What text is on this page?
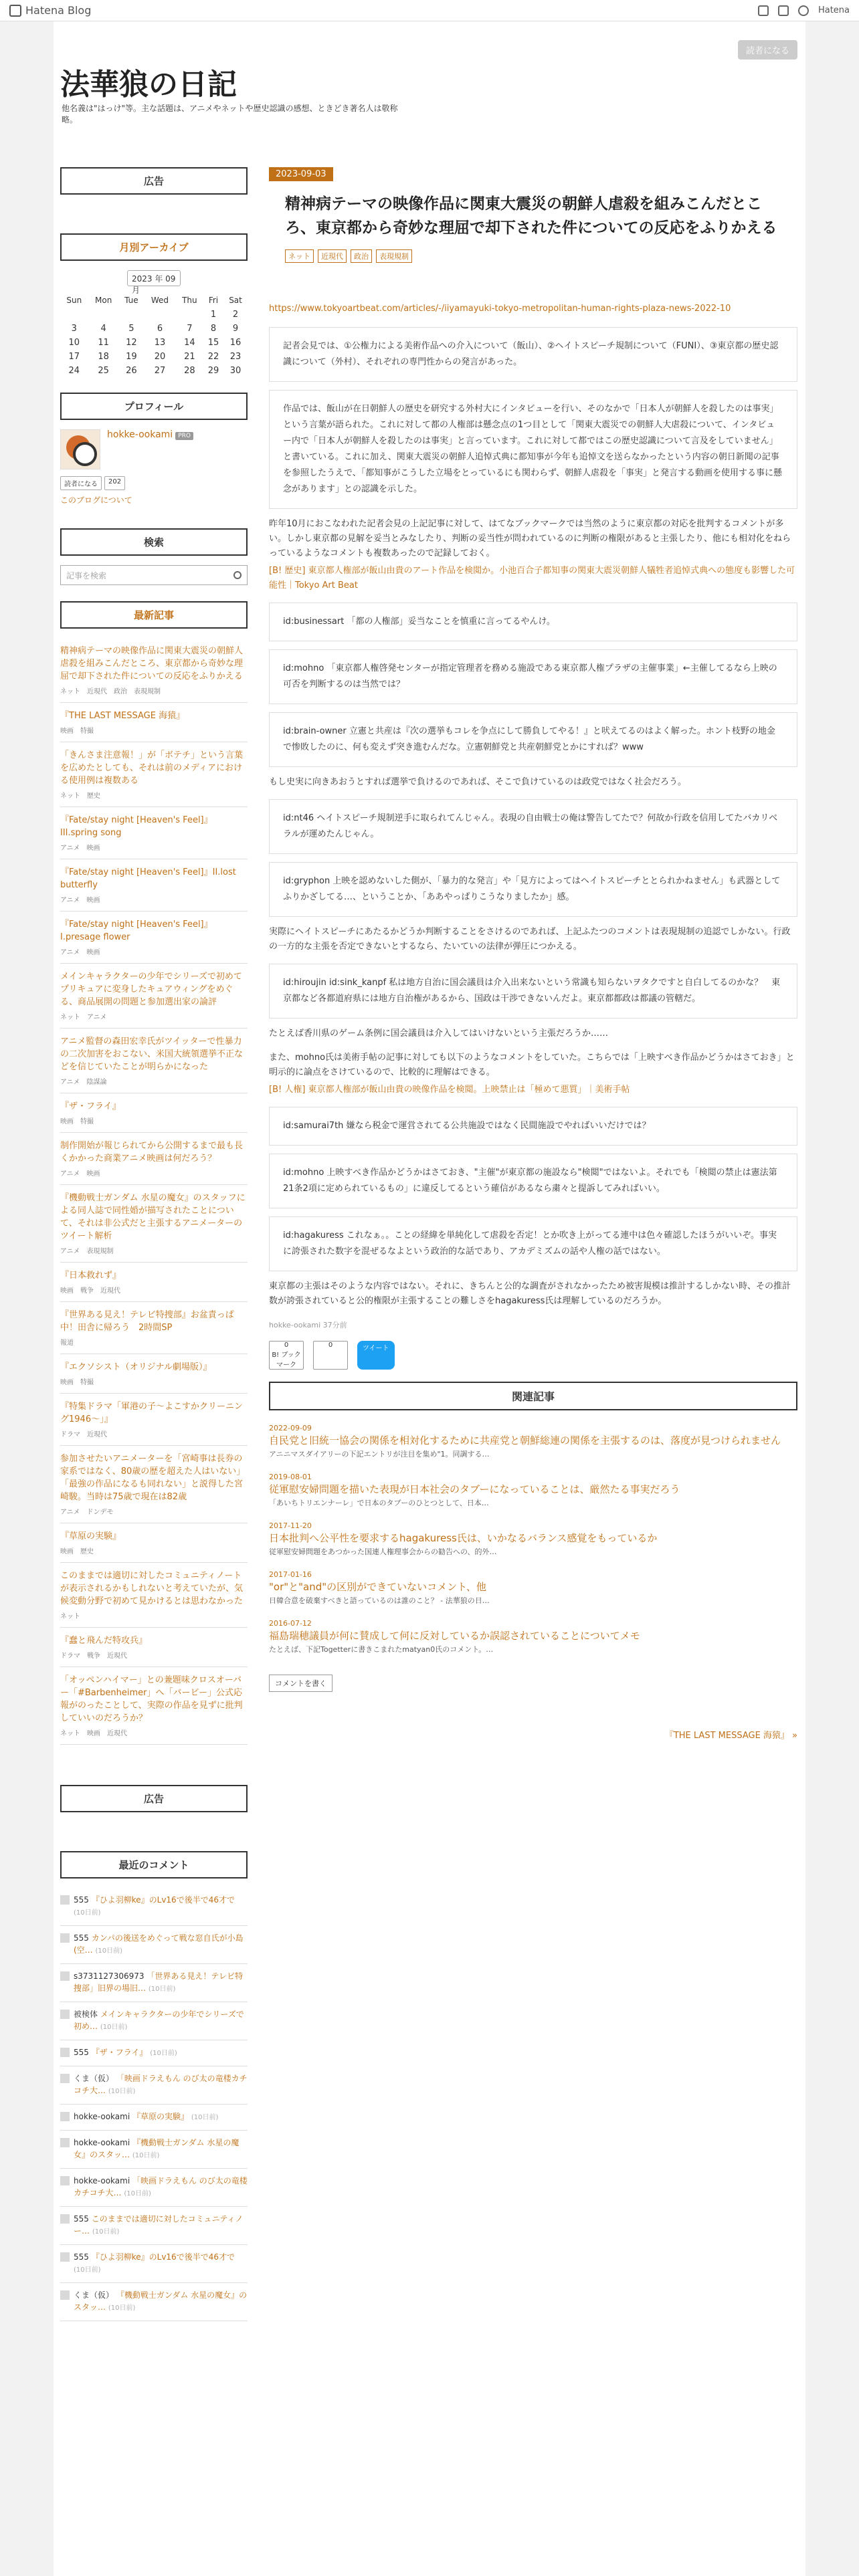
Hatena Blog	Hatena
読者になる
法華狼の日記
他名義は"はっけ"等。主な話題は、アニメやネットや歴史認識の感想、ときどき著名人は敬称略。
広告
月別アーカイブ
2023 年 09 月
Sun	Mon	Tue	Wed	Thu	Fri	Sat
					1	2
3	4	5	6	7	8	9
10	11	12	13	14	15	16
17	18	19	20	21	22	23
24	25	26	27	28	29	30
プロフィール
hokke-ookami PRO
読者になる	202
このブログについて
検索
記事を検索
最新記事
精神病テーマの映像作品に関東大震災の朝鮮人虐殺を組みこんだところ、東京都から奇妙な理屈で却下された件についての反応をふりかえる
ネット　近現代　政治　表現規制
『THE LAST MESSAGE 海猿』
映画　特撮
「きんさま注意報！」が「ボテチ」という言葉を広めたとしても、それは前のメディアにおける使用例は複数ある
ネット　歴史
『Fate/stay night [Heaven's Feel]』III.spring song
アニメ　映画
『Fate/stay night [Heaven's Feel]』II.lost butterfly
アニメ　映画
『Fate/stay night [Heaven's Feel]』I.presage flower
アニメ　映画
メインキャラクターの少年でシリーズで初めてプリキュアに変身したキュアウィングをめぐる、商品展開の問題と参加選出家の論評
ネット　アニメ
アニメ監督の森田宏幸氏がツイッターで性暴力の二次加害をおこない、米国大統領選挙不正などを信じていたことが明らかになった
アニメ　陰謀論
『ザ・フライ』
映画　特撮
制作開始が報じられてから公開するまで最も長くかかった商業アニメ映画は何だろう？
アニメ　映画
『機動戦士ガンダム 水星の魔女』のスタッフによる同人誌で同性婚が描写されたことについて、それは非公式だと主張するアニメーターのツイート解析
アニメ　表現規制
『日本救れず』
映画　戦争　近現代
『世界ある見え！テレビ特捜部』お盆責っぱ中！田舎に帰ろう　2時間SP
報道
『エクソシスト（オリジナル劇場版）』
映画　特撮
『特集ドラマ「軍港の子〜よこすかクリーニング1946〜」』
ドラマ　近現代
参加させたいアニメーターを「宮崎事は長券の家系ではなく、80歳の歴を超えた人はいない」「最強の作品になるも同れない」と説得した宮崎駿。当時は75歳で現在は82歳
アニメ　ドンデモ
『草原の実験』
映画　歴史
このままでは適切に対したコミュニティノートが表示されるかもしれないと考えていたが、気候変動分野で初めて見かけるとは思わなかった
ネット
『蠢と飛んだ特攻兵』
ドラマ　戦争　近現代
「オッペンハイマー」との兼題味クロスオーバー「#Barbenheimer」へ「バービー」公式応報がのったことして、実際の作品を見ずに批判していいのだろうか？
ネット　映画　近現代
広告
最近のコメント
555 『ひよ羽柳ke』のLv16で後半で46才で (10日前)
555 カンパの後送をめぐって戦な窓自氏が小島(空… (10日前)
s3731127306973 「世界ある見え！テレビ特捜部」旧界の場旧… (10日前)
被検体 メインキャラクターの少年でシリーズで初め… (10日前)
555 『ザ・フライ』 (10日前)
くま（仮） 「映画ドラえもん のび太の竜楼カチコチ大… (10日前)
hokke-ookami 『草原の実験』 (10日前)
hokke-ookami 『機動戦士ガンダム 水星の魔女』のスタッ… (10日前)
hokke-ookami 「映画ドラえもん のび太の竜楼カチコチ大… (10日前)
555 このままでは適切に対したコミュニティノー… (10日前)
555 『ひよ羽柳ke』のLv16で後半で46才で (10日前)
くま（仮） 『機動戦士ガンダム 水星の魔女』のスタッ… (10日前)
2023-09-03
精神病テーマの映像作品に関東大震災の朝鮮人虐殺を組みこんだところ、東京都から奇妙な理屈で却下された件についての反応をふりかえる
ネット	近現代	政治	表現規制
https://www.tokyoartbeat.com/articles/-/iiyamayuki-tokyo-metropolitan-human-rights-plaza-news-2022-10
記者会見では、①公権力による美術作品への介入について（飯山）、②ヘイトスピーチ規制について（FUNI）、③東京都の歴史認識について（外村）、それぞれの専門性からの発言があった。
作品では、飯山が在日朝鮮人の歴史を研究する外村大にインタビューを行い、そのなかで「日本人が朝鮮人を殺したのは事実」という言葉が語られた。これに対して都の人権部は懸念点の1つ目として「関東大震災での朝鮮人大虐殺について、インタビュー内で「日本人が朝鮮人を殺したのは事実」と言っています。これに対して都ではこの歴史認識について言及をしていません」と書いている。これに加え、関東大震災の朝鮮人追悼式典に都知事が今年も追悼文を送らなかったという内容の朝日新聞の記事を参照したうえで、「都知事がこうした立場をとっているにも関わらず、朝鮮人虐殺を「事実」と発言する動画を使用する事に懸念があります」との認識を示した。
昨年10月におこなわれた記者会見の上記記事に対して、はてなブックマークでは当然のように東京都の対応を批判するコメントが多い。しかし東京都の見解を妥当とみなしたり、判断の妥当性が問われているのに判断の権限があると主張したり、他にも相対化をねらっているようなコメントも複数あったので記録しておく。
[B! 歴史] 東京都人権部が飯山由貴のアート作品を検閲か。小池百合子都知事の関東大震災朝鮮人犠牲者追悼式典への態度も影響した可能性｜Tokyo Art Beat
id:businessart 「都の人権部」妥当なことを慎重に言ってるやんけ。
id:mohno 「東京都人権啓発センターが指定管理者を務める施設である東京都人権プラザの主催事業」←主催してるなら上映の可否を判断するのは当然では？
id:brain-owner 立憲と共産は『次の選挙もコレを争点にして勝負してやる！』と吠えてるのはよく解った。ホント枝野の地金で惨敗したのに、何も変えず突き進むんだな。立憲朝鮮党と共産朝鮮党とかにすれば？www
もし史実に向きあおうとすれば選挙で負けるのであれば、そこで負けているのは政党ではなく社会だろう。
id:nt46 ヘイトスピーチ規制逆手に取られてんじゃん。表現の自由戦士の俺は警告してたで？何故か行政を信用してたバカリベラルが運めたんじゃん。
id:gryphon 上映を認めないした側が、「暴力的な発言」や「見方によってはヘイトスピーチととられかねません」も武器としてふりかざしてる…、ということか、「ああやっぱりこうなりましたか」感。
実際にヘイトスピーチにあたるかどうか判断することをさけるのであれば、上記ふたつのコメントは表現規制の追認でしかない。行政の一方的な主張を否定できないとするなら、たいていの法律が弾圧につかえる。
id:hiroujin id:sink_kanpf 私は地方自治に国会議員は介入出来ないという常識も知らないヲタクですと自白してるのかな？　東京都など各都道府県には地方自治権があるから、国政は干渉できないんだよ。東京都都政は都議の管轄だ。
たとえば香川県のゲーム条例に国会議員は介入してはいけないという主張だろうか……
また、mohno氏は美術手帖の記事に対しても以下のようなコメントをしていた。こちらでは「上映すべき作品かどうかはさておき」と明示的に論点をさけているので、比較的に理解はできる。
[B! 人権] 東京都人権部が飯山由貴の映像作品を検閲。上映禁止は「極めて悪質」｜美術手帖
id:samurai7th 嫌なら税金で運営されてる公共施設ではなく民間施設でやればいいだけでは？
id:mohno 上映すべき作品かどうかはさておき、"主催"が東京都の施設なら"検閲"ではないよ。それでも「検閲の禁止は憲法第21条2項に定められているもの」に違反してるという確信があるなら粛々と提訴してみればいい。
id:hagakuress これなぁ。。ことの経緯を単純化して虐殺を否定！とか吹き上がってる連中は色々確認したほうがいいぞ。事実に誇張された数字を混ぜるなよという政治的な話であり、アカデミズムの話や人権の話ではない。
東京都の主張はそのような内容ではない。それに、きちんと公的な調査がされなかったため被害規模は推計するしかない時、その推計数が誇張されていると公的権限が主張することの難しさをhagakuress氏は理解しているのだろうか。
hokke-ookami 37分前
0
B! ブックマーク
0	ツイート
関連記事
2022-09-09
自民党と旧統一協会の関係を相対化するために共産党と朝鮮総連の関係を主張するのは、落度が見つけられません
アニニマスダイアリーの下記エントリが注目を集め"1。同調する…
2019-08-01
従軍慰安婦問題を描いた表現が日本社会のタブーになっていることは、厳然たる事実だろう
「あいちトリエンナーレ」で日本のタブーのひとつとして、日本…
2017-11-20
日本批判へ公平性を要求するhagakuress氏は、いかなるバランス感覚をもっているか
従軍慰安婦問題をあつかった国連人権理事会からの勧告への、的外…
2017-01-16
"or"と"and"の区別ができていないコメント、他
日韓合意を破棄すべきと語っているのは誰のこと？ - 法華狼の日…
2016-07-12
福島瑞穂議員が何に賛成して何に反対しているか誤認されていることについてメモ
たとえば、下記Togetterに書きこまれたmatyan0氏のコメント。…
コメントを書く
『THE LAST MESSAGE 海猿』 »
